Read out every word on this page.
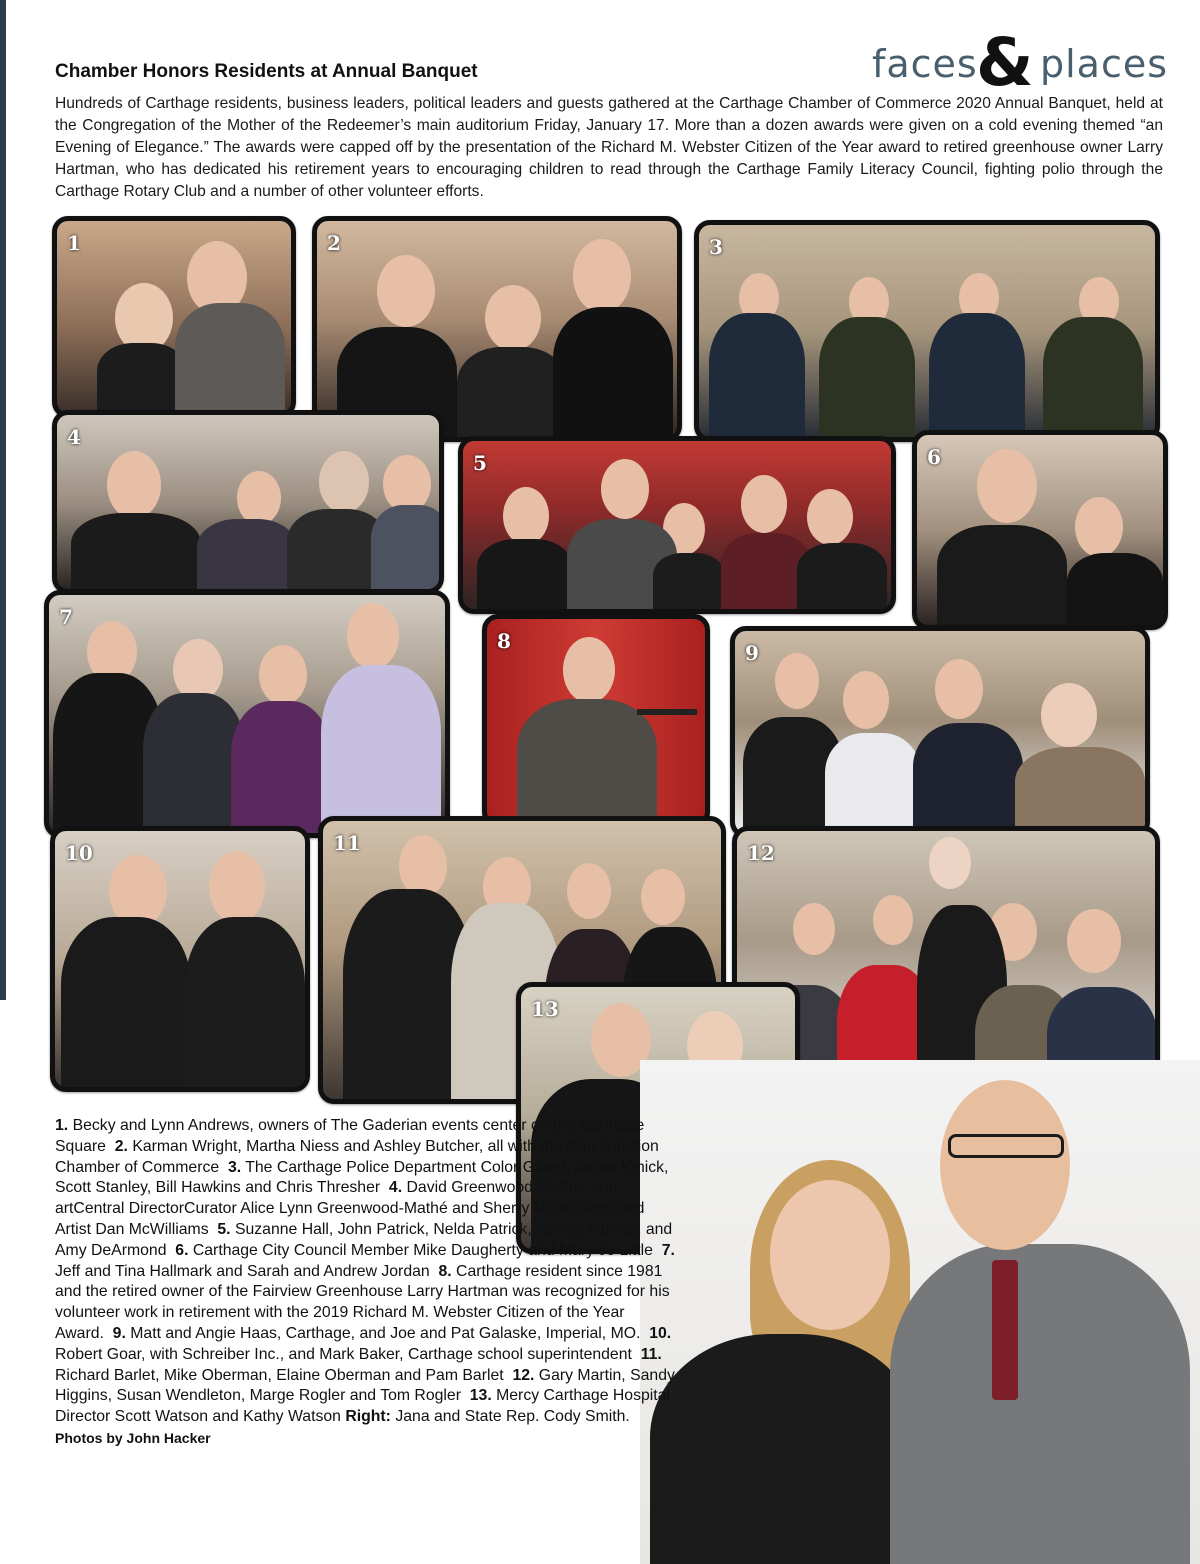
faces
& places
Chamber Honors Residents at Annual Banquet

Hundreds of Carthage residents, business leaders, political leaders and guests gathered at the Carthage Chamber of Commerce 2020 Annual Banquet, held at the Congregation of the Mother of the Redeemer’s main auditorium Friday, January 17. More than a dozen awards were given on a cold evening themed “an Evening of Elegance.” The awards were capped off by the presentation of the Richard M. Webster Citizen of the Year award to retired greenhouse owner Larry Hartman, who has dedicated his retirement years to encouraging children to read through the Carthage Family Literacy Council, fighting polio through the Carthage Rotary Club and a number of other volunteer efforts.

1	2	3
4
5	6
7
8	9
10	11	12
13

1. Becky and Lynn Andrews, owners of The Gaderian events center on the Carthage Square 2. Karman Wright, Martha Niess and Ashley Butcher, all with the Carl Junction Chamber of Commerce 3. The Carthage Police Department Color Guard, Aaron Kmick, Scott Stanley, Bill Hawkins and Chris Thresher 4. David Greenwood-Mathé, and artCentral DirectorCurator Alice Lynn Greenwood-Mathé and Sherry McWilliams and Artist Dan McWilliams 5. Suzanne Hall, John Patrick, Nelda Patrick, Ashley Farmer, and Amy DeArmond 6. Carthage City Council Member Mike Daugherty and Mary Jo Little 7. Jeff and Tina Hallmark and Sarah and Andrew Jordan 8. Carthage resident since 1981 and the retired owner of the Fairview Greenhouse Larry Hartman was recognized for his volunteer work in retirement with the 2019 Richard M. Webster Citizen of the Year Award. 9. Matt and Angie Haas, Carthage, and Joe and Pat Galaske, Imperial, MO. 10. Robert Goar, with Schreiber Inc., and Mark Baker, Carthage school superintendent 11. Richard Barlet, Mike Oberman, Elaine Oberman and Pam Barlet 12. Gary Martin, Sandy Higgins, Susan Wendleton, Marge Rogler and Tom Rogler 13. Mercy Carthage Hospital Director Scott Watson and Kathy Watson Right: Jana and State Rep. Cody Smith. Photos by John Hacker
